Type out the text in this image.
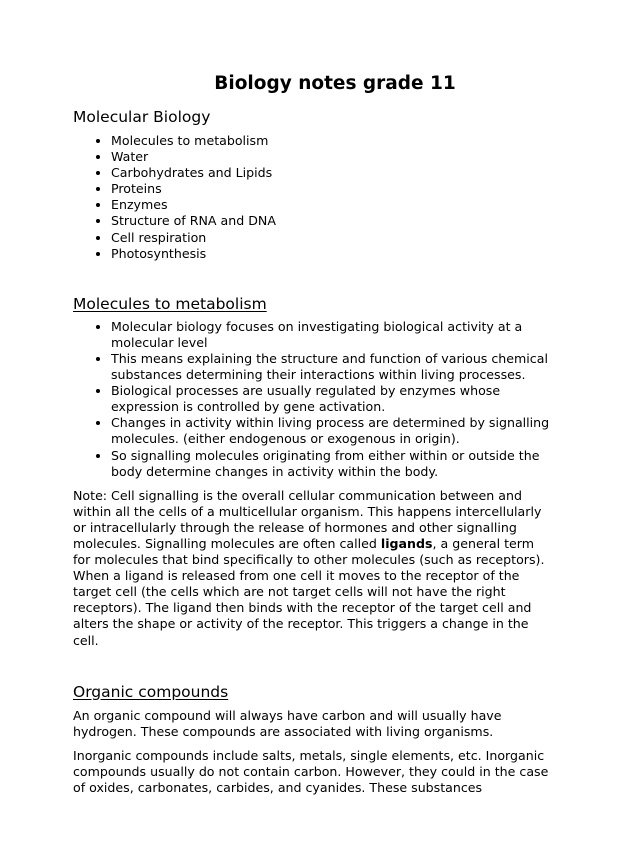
Biology notes grade 11
Molecular Biology
• Molecules to metabolism
• Water
• Carbohydrates and Lipids
• Proteins
• Enzymes
• Structure of RNA and DNA
• Cell respiration
• Photosynthesis
Molecules to metabolism
• Molecular biology focuses on investigating biological activity at a molecular level
• This means explaining the structure and function of various chemical substances determining their interactions within living processes.
• Biological processes are usually regulated by enzymes whose expression is controlled by gene activation.
• Changes in activity within living process are determined by signalling molecules. (either endogenous or exogenous in origin).
• So signalling molecules originating from either within or outside the body determine changes in activity within the body.

Note: Cell signalling is the overall cellular communication between and within all the cells of a multicellular organism. This happens intercellularly or intracellularly through the release of hormones and other signalling molecules. Signalling molecules are often called ligands, a general term for molecules that bind specifically to other molecules (such as receptors). When a ligand is released from one cell it moves to the receptor of the target cell (the cells which are not target cells will not have the right receptors). The ligand then binds with the receptor of the target cell and alters the shape or activity of the receptor. This triggers a change in the cell.

Organic compounds

An organic compound will always have carbon and will usually have hydrogen. These compounds are associated with living organisms.

Inorganic compounds include salts, metals, single elements, etc. Inorganic compounds usually do not contain carbon. However, they could in the case of oxides, carbonates, carbides, and cyanides. These substances
